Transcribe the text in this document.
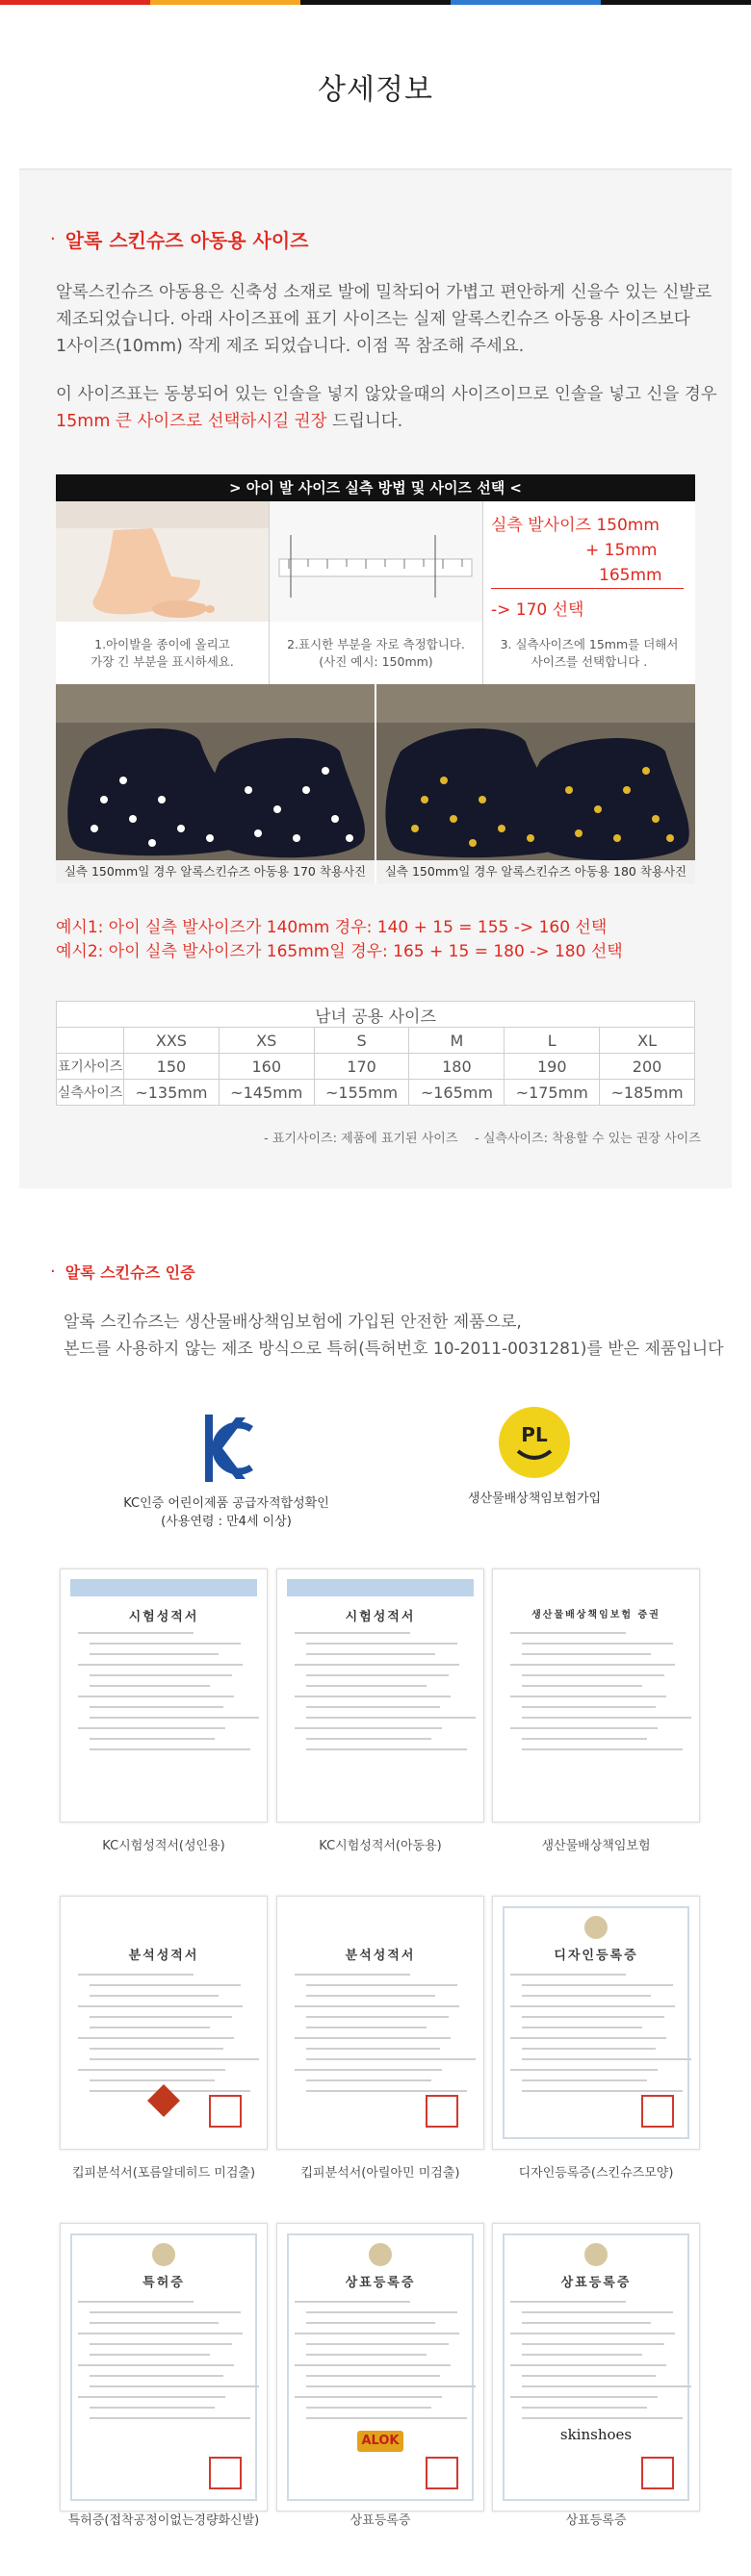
상세정보
· 알록 스킨슈즈 아동용 사이즈
알록스킨슈즈 아동용은 신축성 소재로 발에 밀착되어 가볍고 편안하게 신을수 있는 신발로
제조되었습니다. 아래 사이즈표에 표기 사이즈는 실제 알록스킨슈즈 아동용 사이즈보다
1사이즈(10mm) 작게 제조 되었습니다. 이점 꼭 참조해 주세요.
이 사이즈표는 동봉되어 있는 인솔을 넣지 않았을때의 사이즈이므로 인솔을 넣고 신을 경우
15mm 큰 사이즈로 선택하시길 권장 드립니다.
> 아이 발 사이즈 실측 방법 및 사이즈 선택 <
1.아이발을 종이에 올리고
가장 긴 부분을 표시하세요.
2.표시한 부분을 자로 측정합니다.
(사진 예시: 150mm)
실측 발사이즈 150mm
+ 15mm
165mm
-> 170 선택
3. 실측사이즈에 15mm를 더해서
사이즈를 선택합니다 .
실측 150mm일 경우 알록스킨슈즈 아동용 170 착용사진	실측 150mm일 경우 알록스킨슈즈 아동용 180 착용사진
예시1: 아이 실측 발사이즈가 140mm 경우: 140 + 15 = 155 -> 160 선택
예시2: 아이 실측 발사이즈가 165mm일 경우: 165 + 15 = 180 -> 180 선택
남녀 공용 사이즈						
	XXS	XS	S	M	L	XL
표기사이즈	150	160	170	180	190	200
실측사이즈	~135mm	~145mm	~155mm	~165mm	~175mm	~185mm
- 표기사이즈: 제품에 표기된 사이즈 - 실측사이즈: 착용할 수 있는 권장 사이즈
· 알록 스킨슈즈 인증
알록 스킨슈즈는 생산물배상책임보험에 가입된 안전한 제품으로,
본드를 사용하지 않는 제조 방식으로 특허(특허번호 10-2011-0031281)를 받은 제품입니다
KC인증 어린이제품 공급자적합성확인
(사용연령 : 만4세 이상)
PL
생산물배상책임보험가입
시험성적서
KC시험성적서(성인용)
시험성적서
KC시험성적서(아동용)
생산물배상책임보험 증권
생산물배상책임보험
분석성적서
킵피분석서(포름알데히드 미검출)
분석성적서
킵피분석서(아릴아민 미검출)
디자인등록증
디자인등록증(스킨슈즈모양)
특허증
특허증(접착공정이없는경량화신발)
상표등록증
ALOK
상표등록증
상표등록증
skinshoes
상표등록증
